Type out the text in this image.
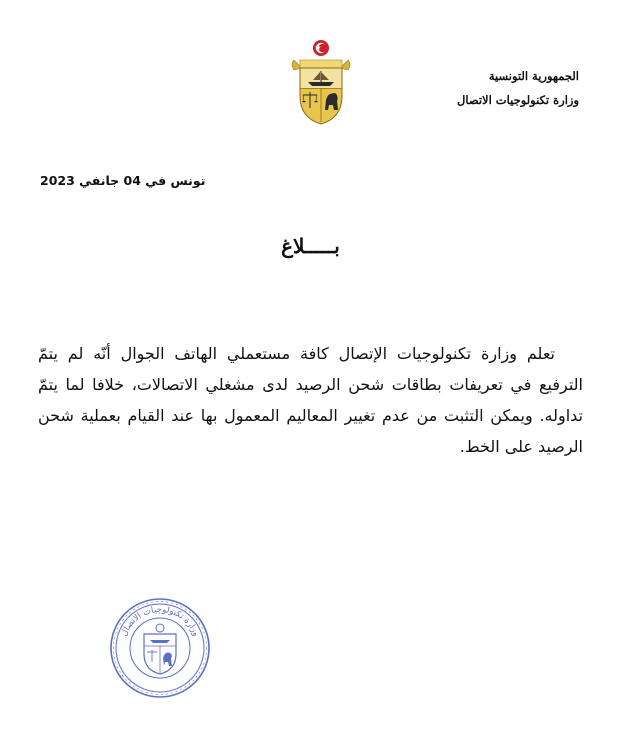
الجمهورية التونسية
وزارة تكنولوجيات الاتصال
تونس في 04 جانفي 2023
بـــــلاغ

تعلم وزارة تكنولوجيات الإتصال كافة مستعملي الهاتف الجوال أنّه لم يتمّ الترفيع في تعريفات بطاقات شحن الرصيد لدى مشغلي الاتصالات، خلافا لما يتمّ تداوله. ويمكن التثبت من عدم تغيير المعاليم المعمول بها عند القيام بعملية شحن الرصيد على الخط.

وزارة تكنولوجيات الاتصال
